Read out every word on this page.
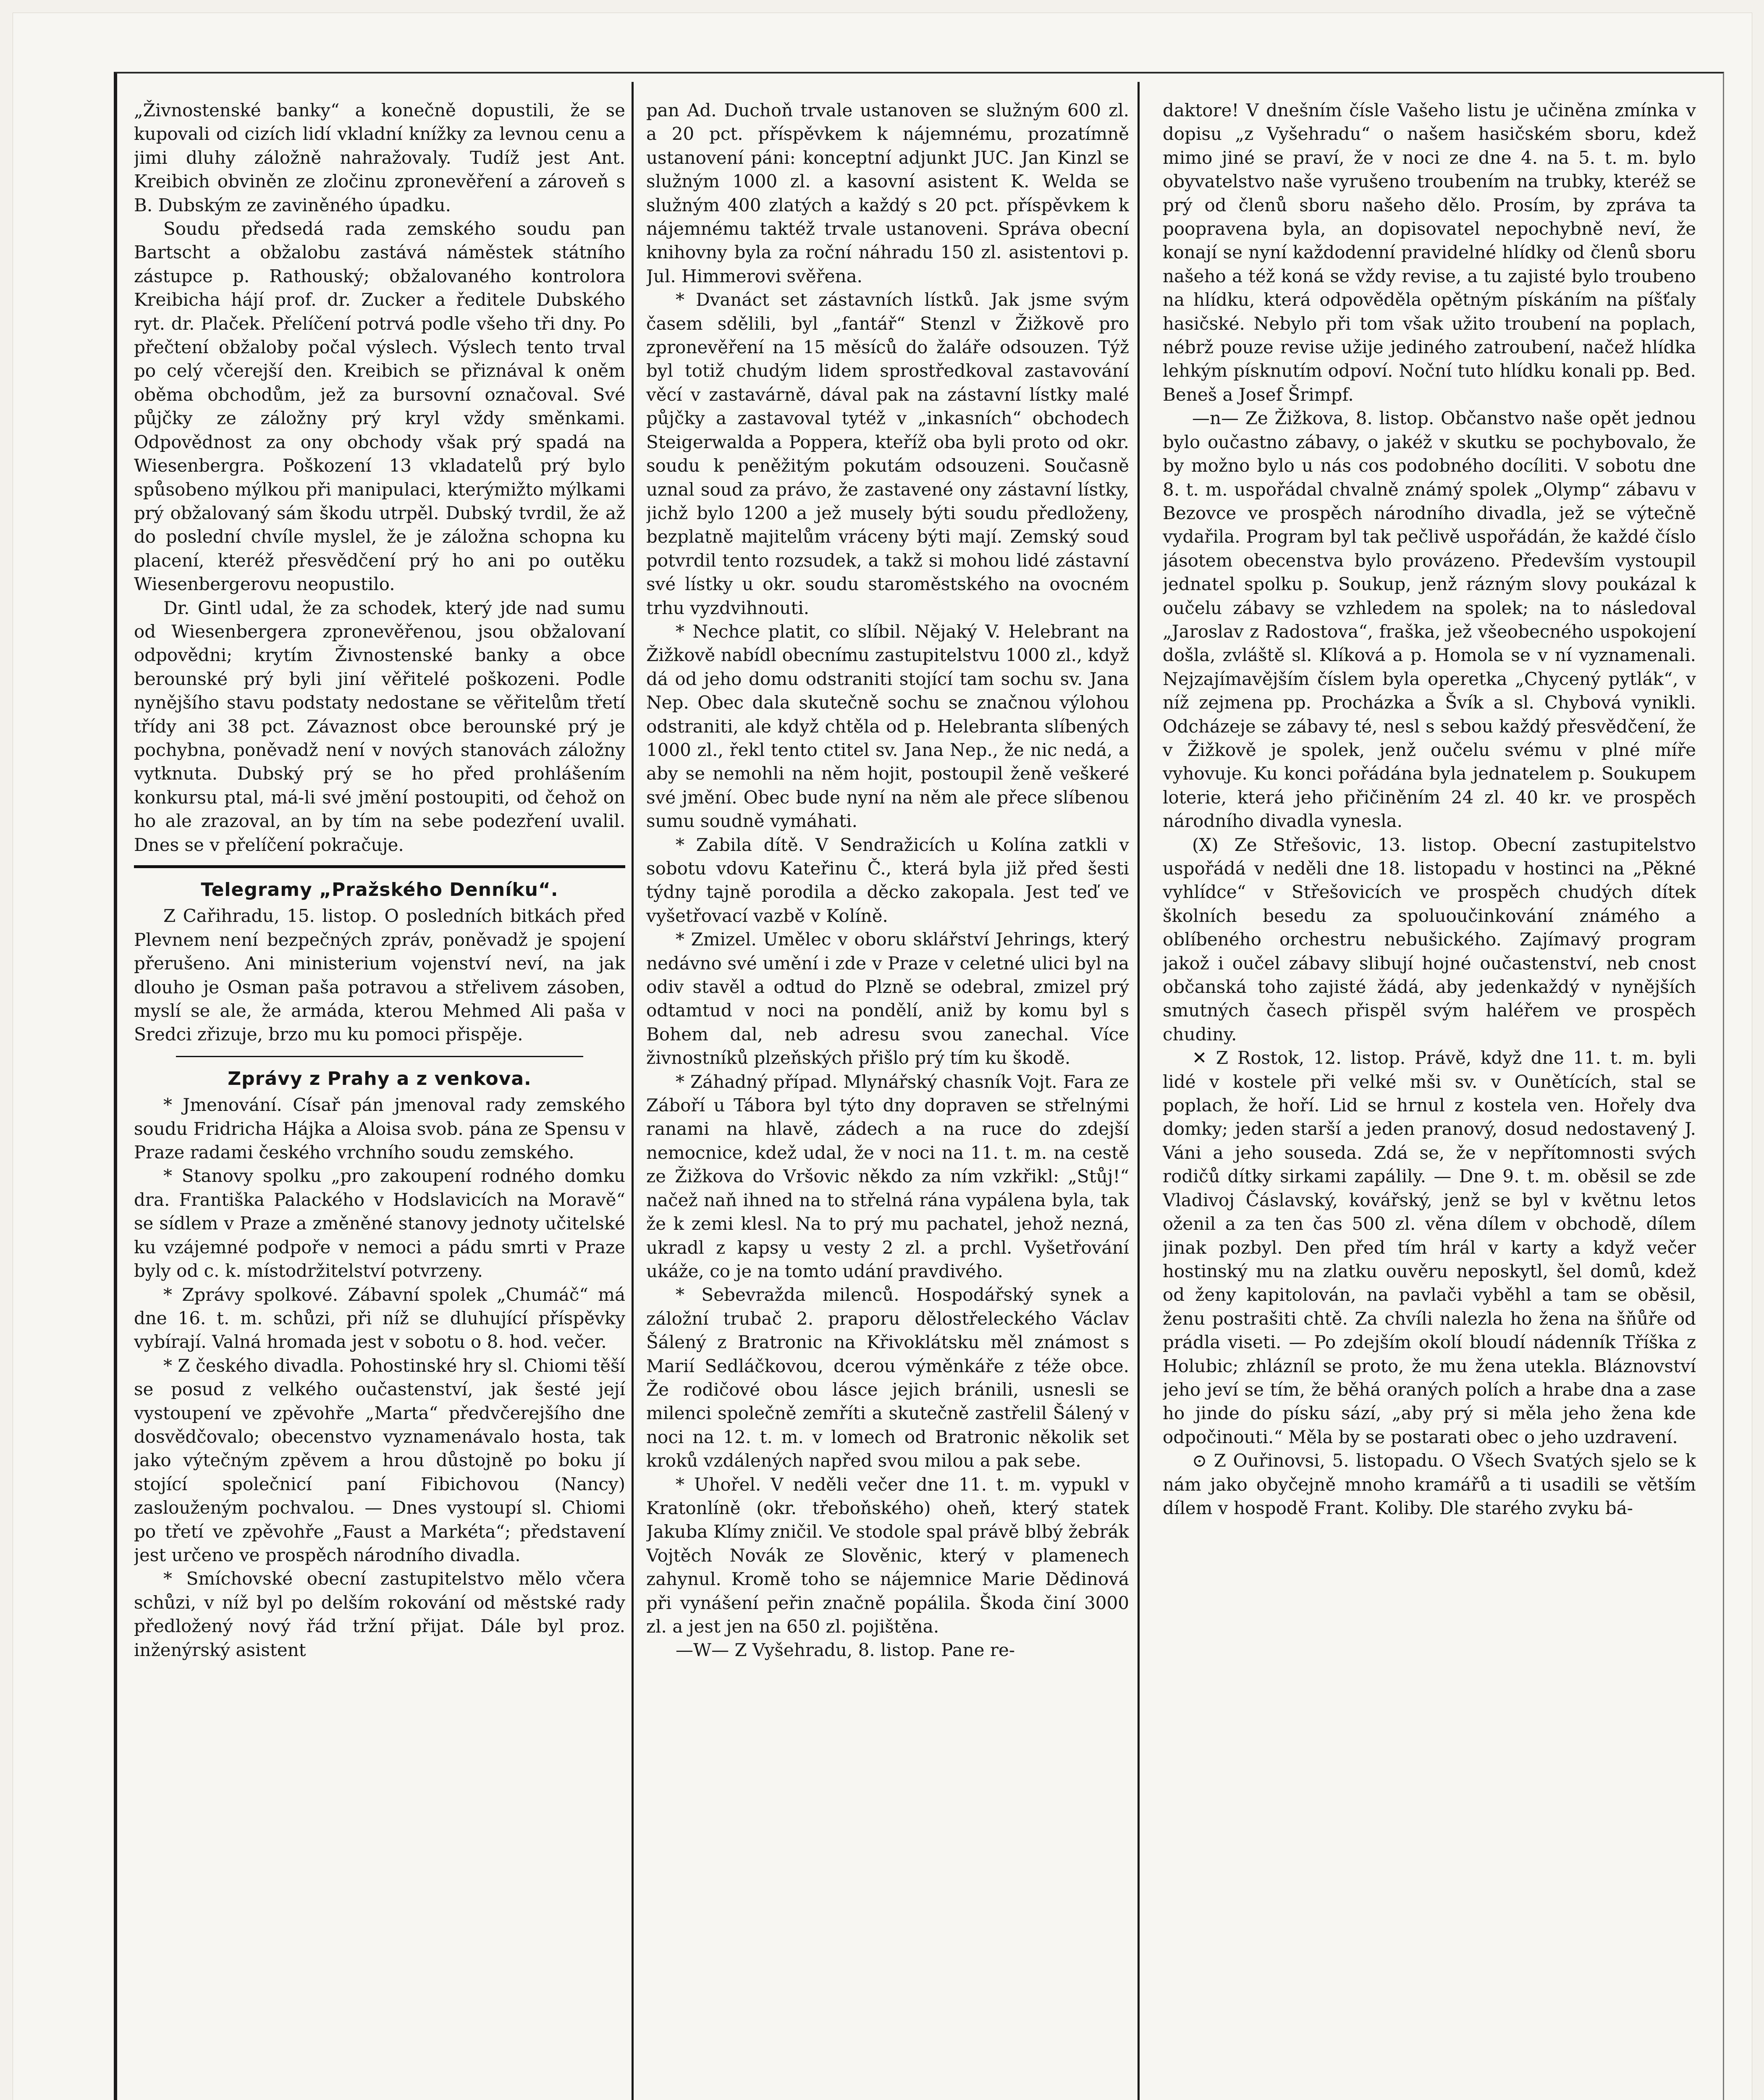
„Živnostenské banky“ a konečně dopustili, že se kupovali od cizích lidí vkladní knížky za levnou cenu a jimi dluhy záložně nahražovaly. Tudíž jest Ant. Kreibich obviněn ze zločinu zpronevěření a zároveň s B. Dubským ze zaviněného úpadku.

Soudu předsedá rada zemského soudu pan Bartscht a obžalobu zastává náměstek státního zástupce p. Rathouský; obžalovaného kontrolora Kreibicha hájí prof. dr. Zucker a ředitele Dubského ryt. dr. Plaček. Přelíčení potrvá podle všeho tři dny. Po přečtení obžaloby počal výslech. Výslech tento trval po celý včerejší den. Kreibich se přiznával k oněm oběma obchodům, jež za bursovní označoval. Své půjčky ze záložny prý kryl vždy směnkami. Odpovědnost za ony obchody však prý spadá na Wiesenbergra. Poškození 13 vkladatelů prý bylo spůsobeno mýlkou při manipulaci, kterýmižto mýlkami prý obžalovaný sám škodu utrpěl. Dubský tvrdil, že až do poslední chvíle myslel, že je záložna schopna ku placení, kteréž přesvědčení prý ho ani po outěku Wiesenbergerovu neopustilo.

Dr. Gintl udal, že za schodek, který jde nad sumu od Wiesenbergera zpronevěřenou, jsou obžalovaní odpovědni; krytím Živnostenské banky a obce berounské prý byli jiní věřitelé poškozeni. Podle nynějšího stavu podstaty nedostane se věřitelům třetí třídy ani 38 pct. Závaznost obce berounské prý je pochybna, poněvadž není v nových stanovách záložny vytknuta. Dubský prý se ho před prohlášením konkursu ptal, má-li své jmění postoupiti, od čehož on ho ale zrazoval, an by tím na sebe podezření uvalil. Dnes se v přelíčení pokračuje.

Telegramy „Pražského Denníku“.

Z Cařihradu, 15. listop. O posledních bitkách před Plevnem není bezpečných zpráv, poněvadž je spojení přerušeno. Ani ministerium vojenství neví, na jak dlouho je Osman paša potravou a střelivem zásoben, myslí se ale, že armáda, kterou Mehmed Ali paša v Sredci zřizuje, brzo mu ku pomoci přispěje.

Zprávy z Prahy a z venkova.

* Jmenování. Císař pán jmenoval rady zemského soudu Fridricha Hájka a Aloisa svob. pána ze Spensu v Praze radami českého vrchního soudu zemského.

* Stanovy spolku „pro zakoupení rodného domku dra. Františka Palackého v Hodslavicích na Moravě“ se sídlem v Praze a změněné stanovy jednoty učitelské ku vzájemné podpoře v nemoci a pádu smrti v Praze byly od c. k. místodržitelství potvrzeny.

* Zprávy spolkové. Zábavní spolek „Chumáč“ má dne 16. t. m. schůzi, při níž se dluhující příspěvky vybírají. Valná hromada jest v sobotu o 8. hod. večer.

* Z českého divadla. Pohostinské hry sl. Chiomi těší se posud z velkého oučastenství, jak šesté její vystoupení ve zpěvohře „Marta“ předvčerejšího dne dosvědčovalo; obecenstvo vyznamenávalo hosta, tak jako výtečným zpěvem a hrou důstojně po boku jí stojící společnicí paní Fibichovou (Nancy) zaslouženým pochvalou. — Dnes vystoupí sl. Chiomi po třetí ve zpěvohře „Faust a Markéta“; představení jest určeno ve prospěch národního divadla.

* Smíchovské obecní zastupitelstvo mělo včera schůzi, v níž byl po delším rokování od městské rady předložený nový řád tržní přijat. Dále byl proz. inženýrský asistent

pan Ad. Duchoň trvale ustanoven se služným 600 zl. a 20 pct. příspěvkem k nájemnému, prozatímně ustanovení páni: konceptní adjunkt JUC. Jan Kinzl se služným 1000 zl. a kasovní asistent K. Welda se služným 400 zlatých a každý s 20 pct. příspěvkem k nájemnému taktéž trvale ustanoveni. Správa obecní knihovny byla za roční náhradu 150 zl. asistentovi p. Jul. Himmerovi svěřena.

* Dvanáct set zástavních lístků. Jak jsme svým časem sdělili, byl „fantář“ Stenzl v Žižkově pro zpronevěření na 15 měsíců do žaláře odsouzen. Týž byl totiž chudým lidem sprostředkoval zastavování věcí v zastavárně, dával pak na zástavní lístky malé půjčky a zastavoval tytéž v „inkasních“ obchodech Steigerwalda a Poppera, kteříž oba byli proto od okr. soudu k peněžitým pokutám odsouzeni. Současně uznal soud za právo, že zastavené ony zástavní lístky, jichž bylo 1200 a jež musely býti soudu předloženy, bezplatně majitelům vráceny býti mají. Zemský soud potvrdil tento rozsudek, a takž si mohou lidé zástavní své lístky u okr. soudu staroměstského na ovocném trhu vyzdvihnouti.

* Nechce platit, co slíbil. Nějaký V. Helebrant na Žižkově nabídl obecnímu zastupitelstvu 1000 zl., když dá od jeho domu odstraniti stojící tam sochu sv. Jana Nep. Obec dala skutečně sochu se značnou výlohou odstraniti, ale když chtěla od p. Helebranta slíbených 1000 zl., řekl tento ctitel sv. Jana Nep., že nic nedá, a aby se nemohli na něm hojit, postoupil ženě veškeré své jmění. Obec bude nyní na něm ale přece slíbenou sumu soudně vymáhati.

* Zabila dítě. V Sendražicích u Kolína zatkli v sobotu vdovu Kateřinu Č., která byla již před šesti týdny tajně porodila a děcko zakopala. Jest teď ve vyšetřovací vazbě v Kolíně.

* Zmizel. Umělec v oboru sklářství Jehrings, který nedávno své umění i zde v Praze v celetné ulici byl na odiv stavěl a odtud do Plzně se odebral, zmizel prý odtamtud v noci na pondělí, aniž by komu byl s Bohem dal, neb adresu svou zanechal. Více živnostníků plzeňských přišlo prý tím ku škodě.

* Záhadný případ. Mlynářský chasník Vojt. Fara ze Záboří u Tábora byl týto dny dopraven se střelnými ranami na hlavě, zádech a na ruce do zdejší nemocnice, kdež udal, že v noci na 11. t. m. na cestě ze Žižkova do Vršovic někdo za ním vzkřikl: „Stůj!“ načež naň ihned na to střelná rána vypálena byla, tak že k zemi klesl. Na to prý mu pachatel, jehož nezná, ukradl z kapsy u vesty 2 zl. a prchl. Vyšetřování ukáže, co je na tomto udání pravdivého.

* Sebevražda milenců. Hospodářský synek a záložní trubač 2. praporu dělostřeleckého Václav Šálený z Bratronic na Křivoklátsku měl známost s Marií Sedláčkovou, dcerou výměnkáře z téže obce. Že rodičové obou lásce jejich bránili, usnesli se milenci společně zemříti a skutečně zastřelil Šálený v noci na 12. t. m. v lomech od Bratronic několik set kroků vzdálených napřed svou milou a pak sebe.

* Uhořel. V neděli večer dne 11. t. m. vypukl v Kratonlíně (okr. třeboňského) oheň, který statek Jakuba Klímy zničil. Ve stodole spal právě blbý žebrák Vojtěch Novák ze Slověnic, který v plamenech zahynul. Kromě toho se nájemnice Marie Dědinová při vynášení peřin značně popálila. Škoda činí 3000 zl. a jest jen na 650 zl. pojištěna.

—W— Z Vyšehradu, 8. listop. Pane re-

daktore! V dnešním čísle Vašeho listu je učiněna zmínka v dopisu „z Vyšehradu“ o našem hasičském sboru, kdež mimo jiné se praví, že v noci ze dne 4. na 5. t. m. bylo obyvatelstvo naše vyrušeno troubením na trubky, kteréž se prý od členů sboru našeho dělo. Prosím, by zpráva ta poopravena byla, an dopisovatel nepochybně neví, že konají se nyní každodenní pravidelné hlídky od členů sboru našeho a též koná se vždy revise, a tu zajisté bylo troubeno na hlídku, která odpověděla opětným pískáním na píšťaly hasičské. Nebylo při tom však užito troubení na poplach, nébrž pouze revise užije jediného zatroubení, načež hlídka lehkým písknutím odpoví. Noční tuto hlídku konali pp. Bed. Beneš a Josef Šrimpf.

—n— Ze Žižkova, 8. listop. Občanstvo naše opět jednou bylo oučastno zábavy, o jakéž v skutku se pochybovalo, že by možno bylo u nás cos podobného docíliti. V sobotu dne 8. t. m. uspořádal chvalně známý spolek „Olymp“ zábavu v Bezovce ve prospěch národního divadla, jež se výtečně vydařila. Program byl tak pečlivě uspořádán, že každé číslo jásotem obecenstva bylo provázeno. Především vystoupil jednatel spolku p. Soukup, jenž rázným slovy poukázal k oučelu zábavy se vzhledem na spolek; na to následoval „Jaroslav z Radostova“, fraška, jež všeobecného uspokojení došla, zvláště sl. Klíková a p. Homola se v ní vyznamenali. Nejzajímavějším číslem byla operetka „Chycený pytlák“, v níž zejmena pp. Procházka a Švík a sl. Chybová vynikli. Odcházeje se zábavy té, nesl s sebou každý přesvědčení, že v Žižkově je spolek, jenž oučelu svému v plné míře vyhovuje. Ku konci pořádána byla jednatelem p. Soukupem loterie, která jeho přičiněním 24 zl. 40 kr. ve prospěch národního divadla vynesla.

(X) Ze Střešovic, 13. listop. Obecní zastupitelstvo uspořádá v neděli dne 18. listopadu v hostinci na „Pěkné vyhlídce“ v Střešovicích ve prospěch chudých dítek školních besedu za spoluoučinkování známého a oblíbeného orchestru nebušického. Zajímavý program jakož i oučel zábavy slibují hojné oučastenství, neb cnost občanská toho zajisté žádá, aby jedenkaždý v nynějších smutných časech přispěl svým haléřem ve prospěch chudiny.

✕ Z Rostok, 12. listop. Právě, když dne 11. t. m. byli lidé v kostele při velké mši sv. v Ounětících, stal se poplach, že hoří. Lid se hrnul z kostela ven. Hořely dva domky; jeden starší a jeden pranový, dosud nedostavený J. Váni a jeho souseda. Zdá se, že v nepřítomnosti svých rodičů dítky sirkami zapálily. — Dne 9. t. m. oběsil se zde Vladivoj Čáslavský, kovářský, jenž se byl v květnu letos oženil a za ten čas 500 zl. věna dílem v obchodě, dílem jinak pozbyl. Den před tím hrál v karty a když večer hostinský mu na zlatku ouvěru neposkytl, šel domů, kdež od ženy kapitolován, na pavlači vyběhl a tam se oběsil, ženu postrašiti chtě. Za chvíli nalezla ho žena na šňůře od prádla viseti. — Po zdejším okolí bloudí nádenník Tříška z Holubic; zhlázníl se proto, že mu žena utekla. Bláznovství jeho jeví se tím, že běhá oraných polích a hrabe dna a zase ho jinde do písku sází, „aby prý si měla jeho žena kde odpočinouti.“ Měla by se postarati obec o jeho uzdravení.

⊙ Z Ouřinovsi, 5. listopadu. O Všech Svatých sjelo se k nám jako obyčejně mnoho kramářů a ti usadili se větším dílem v hospodě Frant. Koliby. Dle starého zvyku bá-
